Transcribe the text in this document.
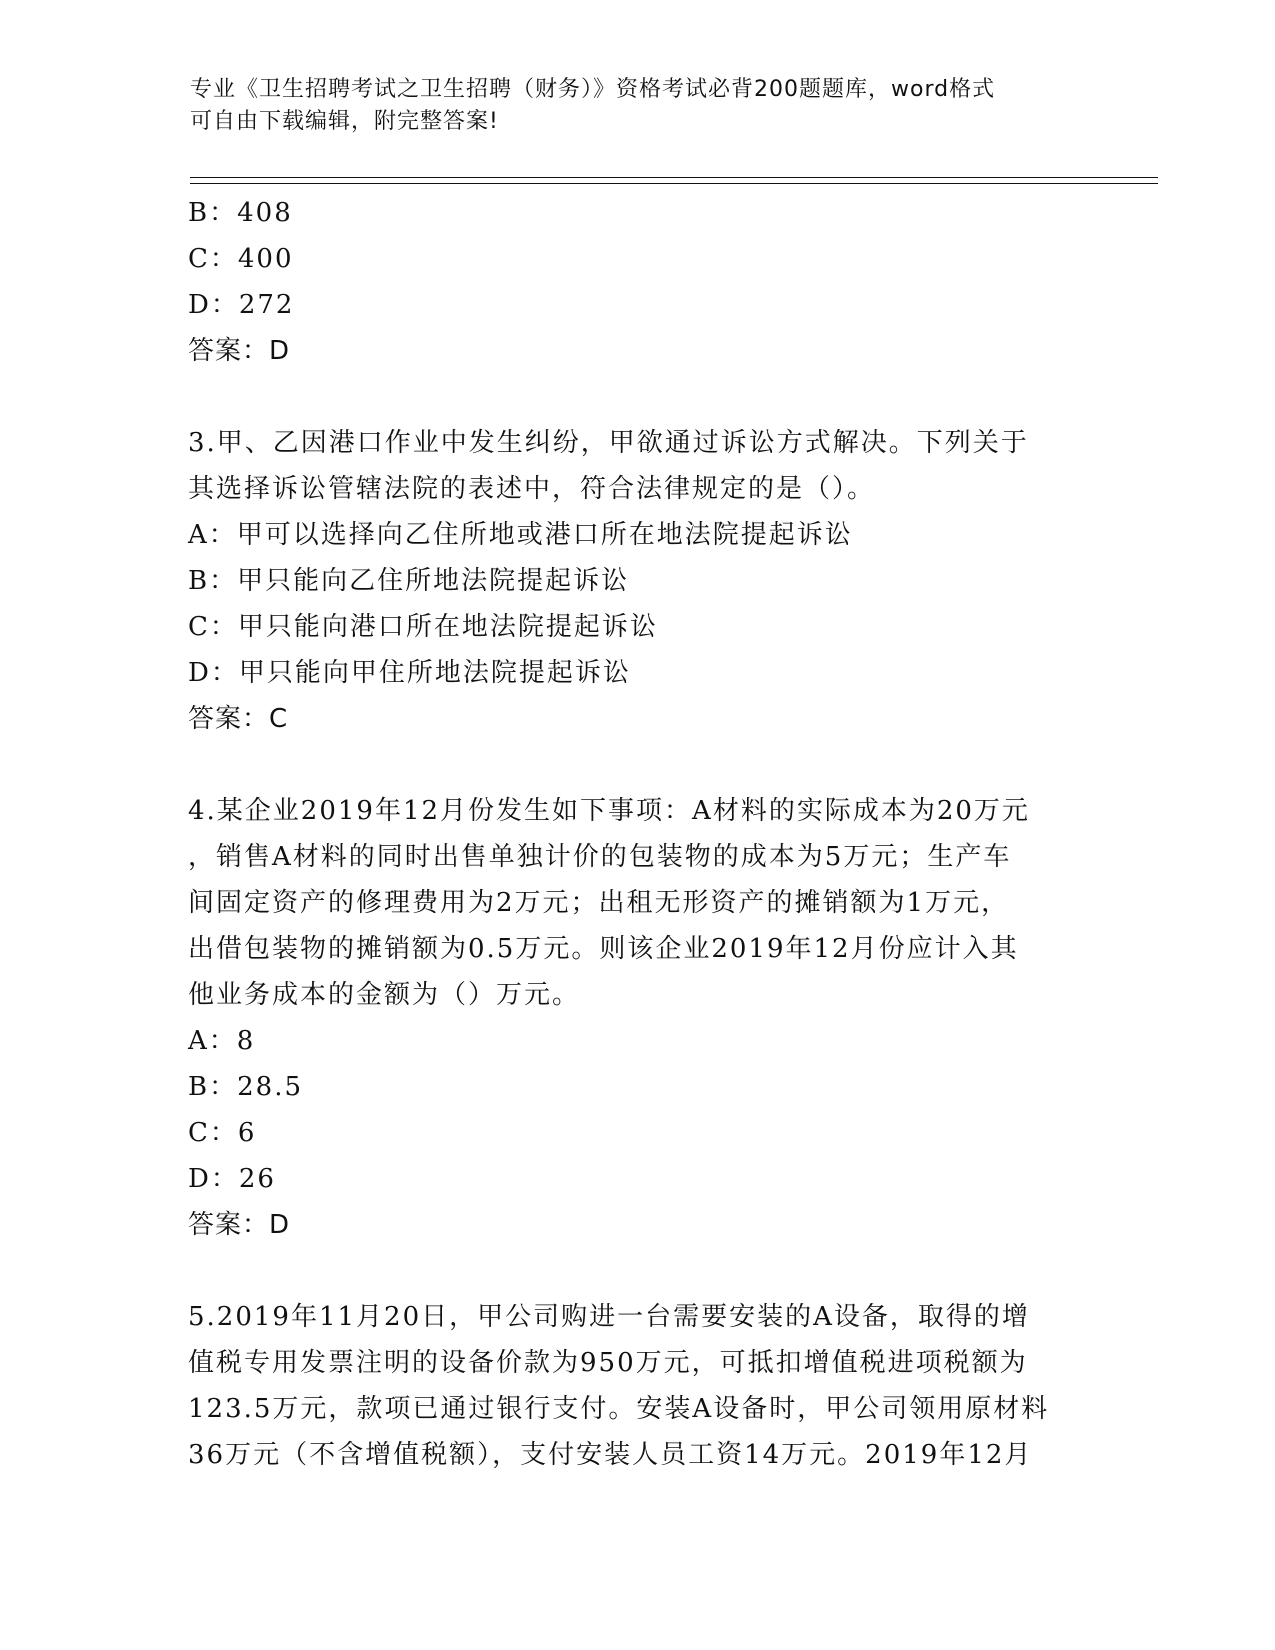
专业《卫生招聘考试之卫生招聘（财务）》资格考试必背200题题库，word格式
可自由下载编辑，附完整答案!
B：408
C：400
D：272
答案：D
3.甲、乙因港口作业中发生纠纷，甲欲通过诉讼方式解决。下列关于
其选择诉讼管辖法院的表述中，符合法律规定的是（）。
A：甲可以选择向乙住所地或港口所在地法院提起诉讼
B：甲只能向乙住所地法院提起诉讼
C：甲只能向港口所在地法院提起诉讼
D：甲只能向甲住所地法院提起诉讼
答案：C
4.某企业2019年12月份发生如下事项：A材料的实际成本为20万元
，销售A材料的同时出售单独计价的包装物的成本为5万元；生产车
间固定资产的修理费用为2万元；出租无形资产的摊销额为1万元，
出借包装物的摊销额为0.5万元。则该企业2019年12月份应计入其
他业务成本的金额为（）万元。
A：8
B：28.5
C：6
D：26
答案：D
5.2019年11月20日，甲公司购进一台需要安装的A设备，取得的增
值税专用发票注明的设备价款为950万元，可抵扣增值税进项税额为
123.5万元，款项已通过银行支付。安装A设备时，甲公司领用原材料
36万元（不含增值税额），支付安装人员工资14万元。2019年12月
